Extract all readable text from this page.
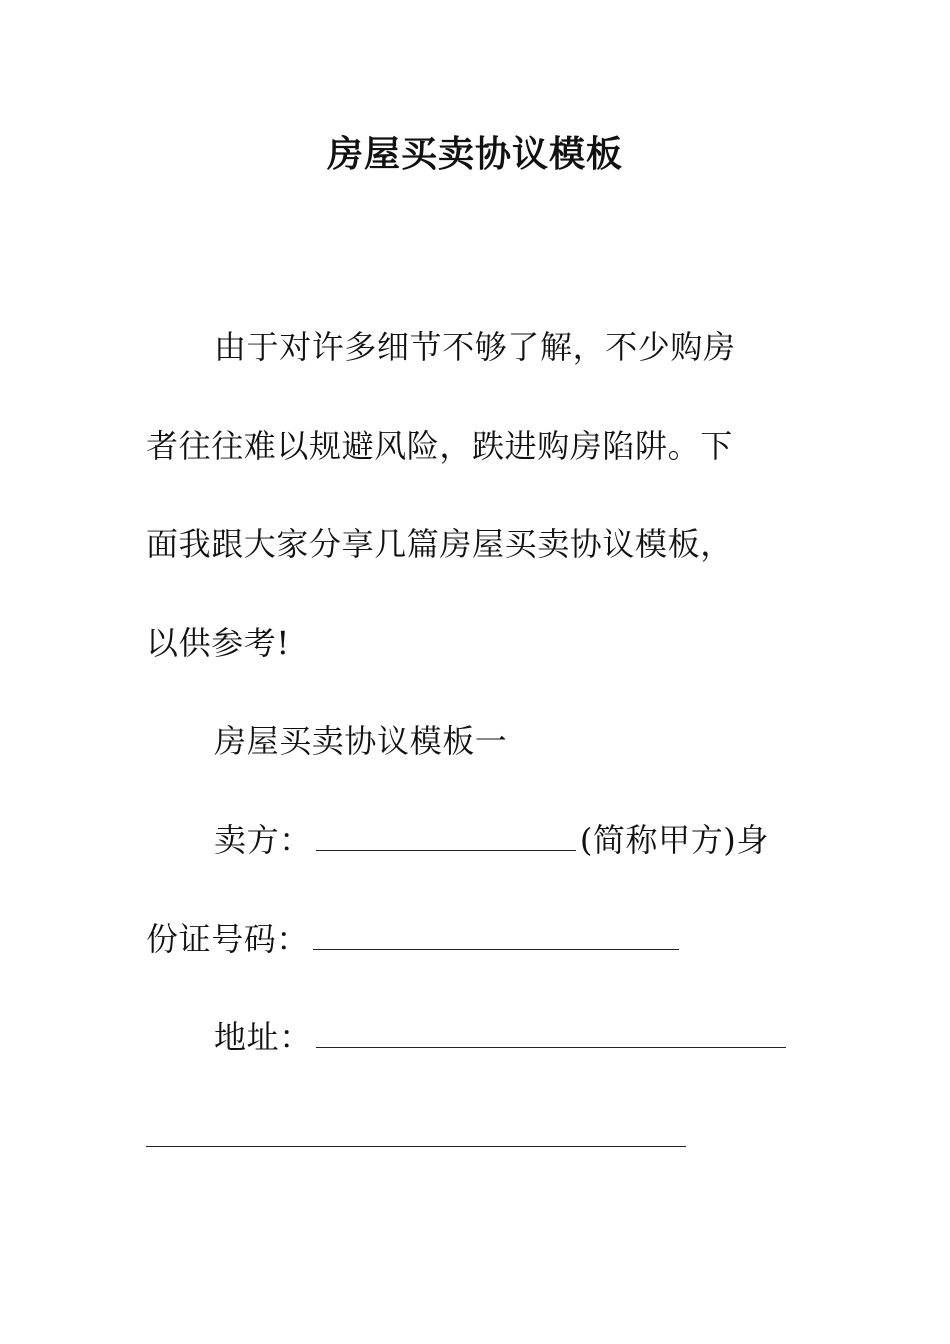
房屋买卖协议模板
由于对许多细节不够了解，不少购房
者往往难以规避风险，跌进购房陷阱。下
面我跟大家分享几篇房屋买卖协议模板，
以供参考!
房屋买卖协议模板一
卖方：	(简称甲方)身
份证号码：
地址：
